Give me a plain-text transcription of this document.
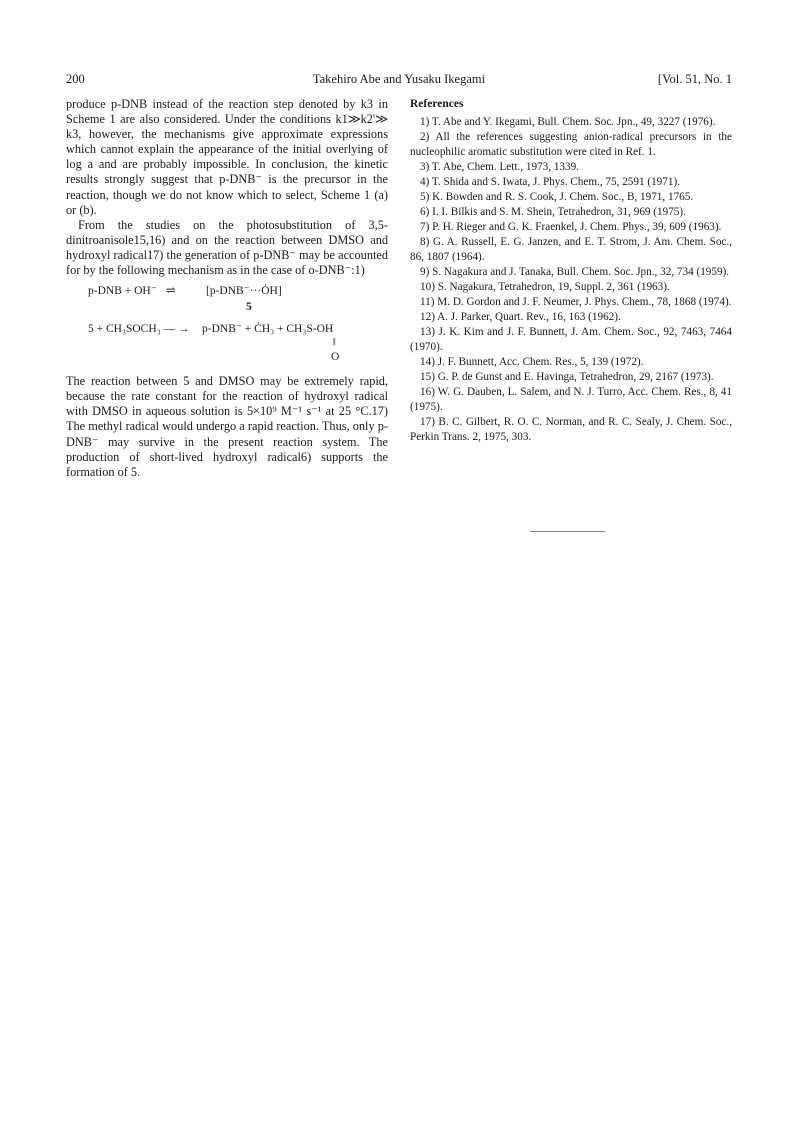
200	Takehiro Abe and Yusaku Ikegami	[Vol. 51, No. 1

produce p-DNB instead of the reaction step denoted by k3 in Scheme 1 are also considered. Under the conditions k1≫k2'≫ k3, however, the mechanisms give approximate expressions which cannot explain the appearance of the initial overlying of log a and are probably impossible. In conclusion, the kinetic results strongly suggest that p-DNB⁻ is the precursor in the reaction, though we do not know which to select, Scheme 1 (a) or (b).

From the studies on the photosubstitution of 3,5-dinitroanisole15,16) and on the reaction between DMSO and hydroxyl radical17) the generation of p-DNB⁻ may be accounted for by the following mechanism as in the case of o-DNB⁻:1)

p-DNB + OH⁻ ⇌	[p-DNB⁻···ȮH]
5
5 + CH₃SOCH₃ — → p-DNB⁻ + ĊH₃ + CH₃S-OH
‖
O

The reaction between 5 and DMSO may be extremely rapid, because the rate constant for the reaction of hydroxyl radical with DMSO in aqueous solution is 5×10⁹ M⁻¹ s⁻¹ at 25 °C.17) The methyl radical would undergo a rapid reaction. Thus, only p-DNB⁻ may survive in the present reaction system. The production of short-lived hydroxyl radical6) supports the formation of 5.

References

1) T. Abe and Y. Ikegami, Bull. Chem. Soc. Jpn., 49, 3227 (1976).

2) All the references suggesting anion-radical precursors in the nucleophilic aromatic substitution were cited in Ref. 1.

3) T. Abe, Chem. Lett., 1973, 1339.

4) T. Shida and S. Iwata, J. Phys. Chem., 75, 2591 (1971).

5) K. Bowden and R. S. Cook, J. Chem. Soc., B, 1971, 1765.

6) I. I. Bilkis and S. M. Shein, Tetrahedron, 31, 969 (1975).

7) P. H. Rieger and G. K. Fraenkel, J. Chem. Phys., 39, 609 (1963).

8) G. A. Russell, E. G. Janzen, and E. T. Strom, J. Am. Chem. Soc., 86, 1807 (1964).

9) S. Nagakura and J. Tanaka, Bull. Chem. Soc. Jpn., 32, 734 (1959).

10) S. Nagakura, Tetrahedron, 19, Suppl. 2, 361 (1963).

11) M. D. Gordon and J. F. Neumer, J. Phys. Chem., 78, 1868 (1974).

12) A. J. Parker, Quart. Rev., 16, 163 (1962).

13) J. K. Kim and J. F. Bunnett, J. Am. Chem. Soc., 92, 7463, 7464 (1970).

14) J. F. Bunnett, Acc. Chem. Res., 5, 139 (1972).

15) G. P. de Gunst and E. Havinga, Tetrahedron, 29, 2167 (1973).

16) W. G. Dauben, L. Salem, and N. J. Turro, Acc. Chem. Res., 8, 41 (1975).

17) B. C. Gilbert, R. O. C. Norman, and R. C. Sealy, J. Chem. Soc., Perkin Trans. 2, 1975, 303.
